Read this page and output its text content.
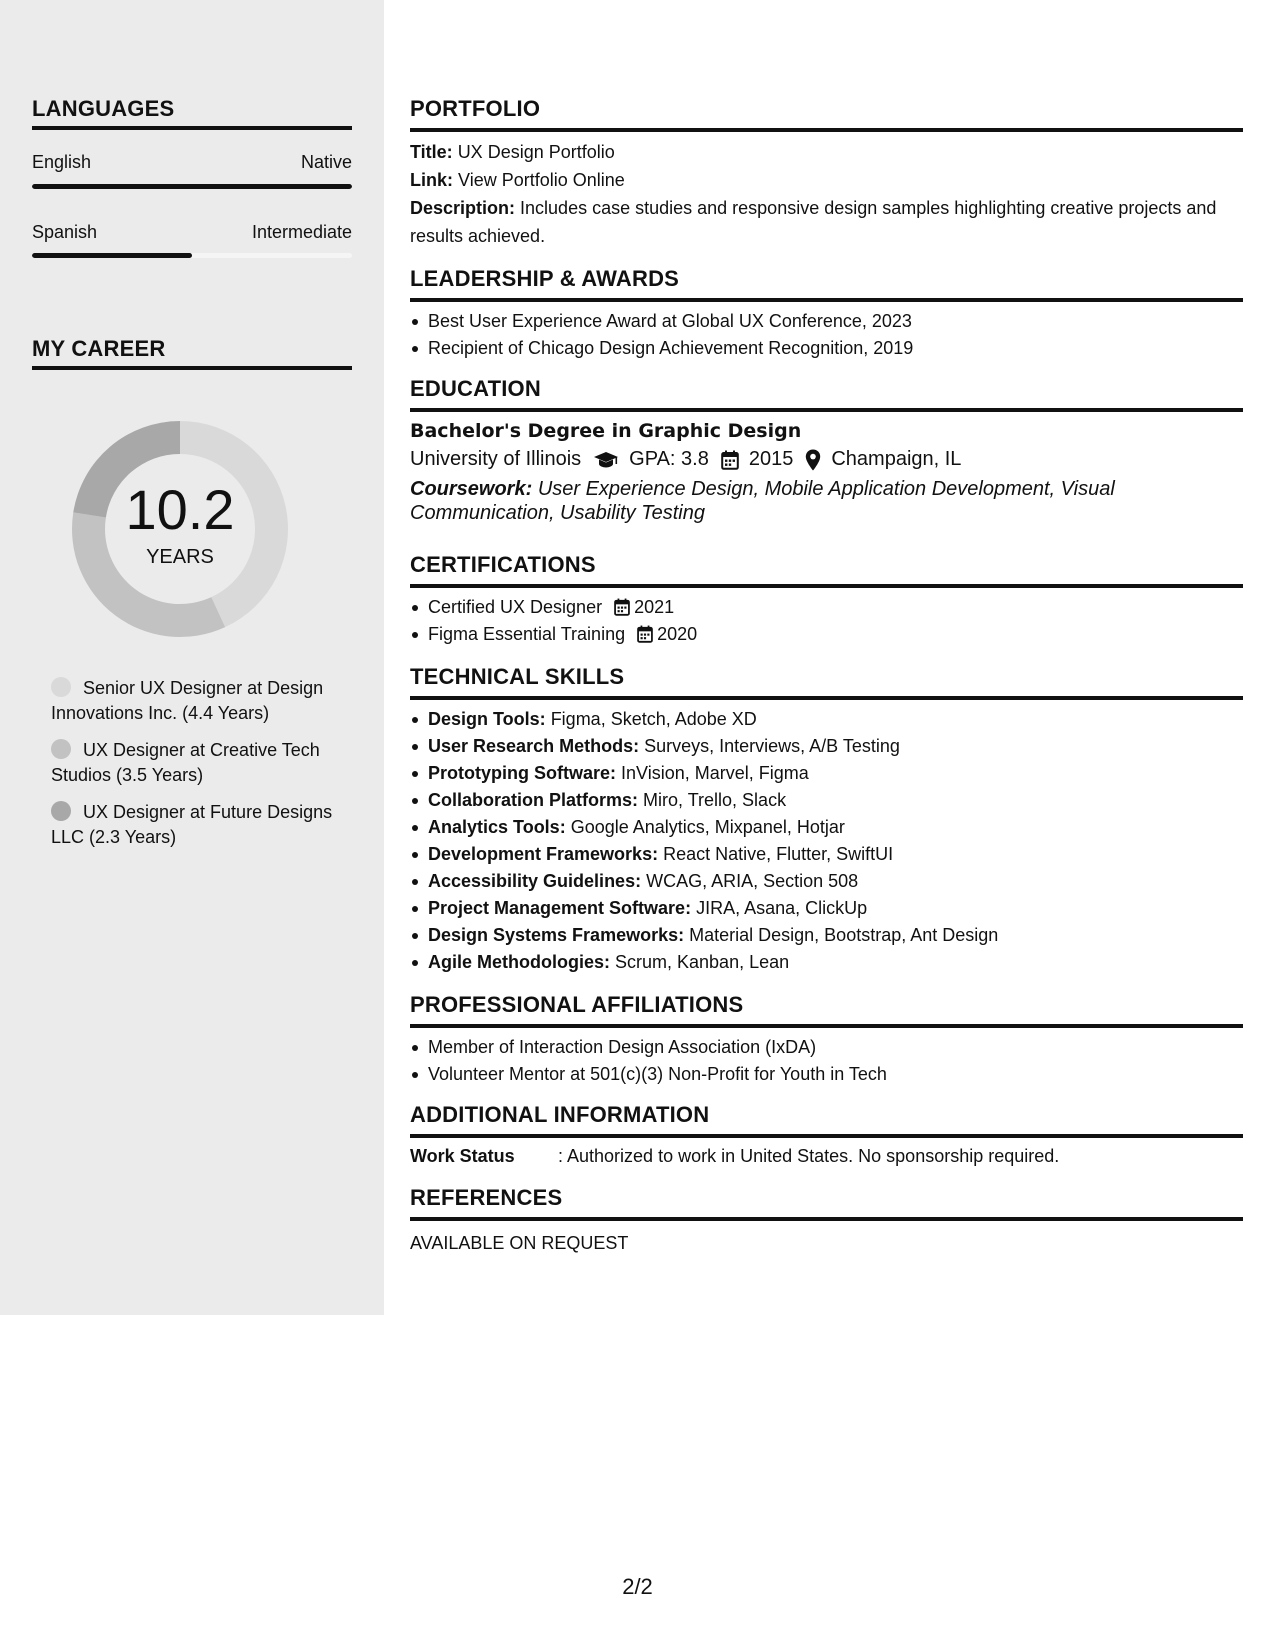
LANGUAGES
English	Native
Spanish	Intermediate
MY CAREER
10.2
YEARS
Senior UX Designer at Design Innovations Inc. (4.4 Years)
UX Designer at Creative Tech Studios (3.5 Years)
UX Designer at Future Designs LLC (2.3 Years)
PORTFOLIO
Title: UX Design Portfolio
Link: View Portfolio Online
Description: Includes case studies and responsive design samples highlighting creative projects and results achieved.
LEADERSHIP & AWARDS
Best User Experience Award at Global UX Conference, 2023
Recipient of Chicago Design Achievement Recognition, 2019
EDUCATION
Bachelor's Degree in Graphic Design
University of Illinois GPA: 3.8 2015 Champaign, IL
Coursework: User Experience Design, Mobile Application Development, Visual Communication, Usability Testing
CERTIFICATIONS
Certified UX Designer 2021
Figma Essential Training 2020
TECHNICAL SKILLS
Design Tools: Figma, Sketch, Adobe XD
User Research Methods: Surveys, Interviews, A/B Testing
Prototyping Software: InVision, Marvel, Figma
Collaboration Platforms: Miro, Trello, Slack
Analytics Tools: Google Analytics, Mixpanel, Hotjar
Development Frameworks: React Native, Flutter, SwiftUI
Accessibility Guidelines: WCAG, ARIA, Section 508
Project Management Software: JIRA, Asana, ClickUp
Design Systems Frameworks: Material Design, Bootstrap, Ant Design
Agile Methodologies: Scrum, Kanban, Lean
PROFESSIONAL AFFILIATIONS
Member of Interaction Design Association (IxDA)
Volunteer Mentor at 501(c)(3) Non-Profit for Youth in Tech
ADDITIONAL INFORMATION
Work Status	: Authorized to work in United States. No sponsorship required.
REFERENCES
AVAILABLE ON REQUEST
2/2
